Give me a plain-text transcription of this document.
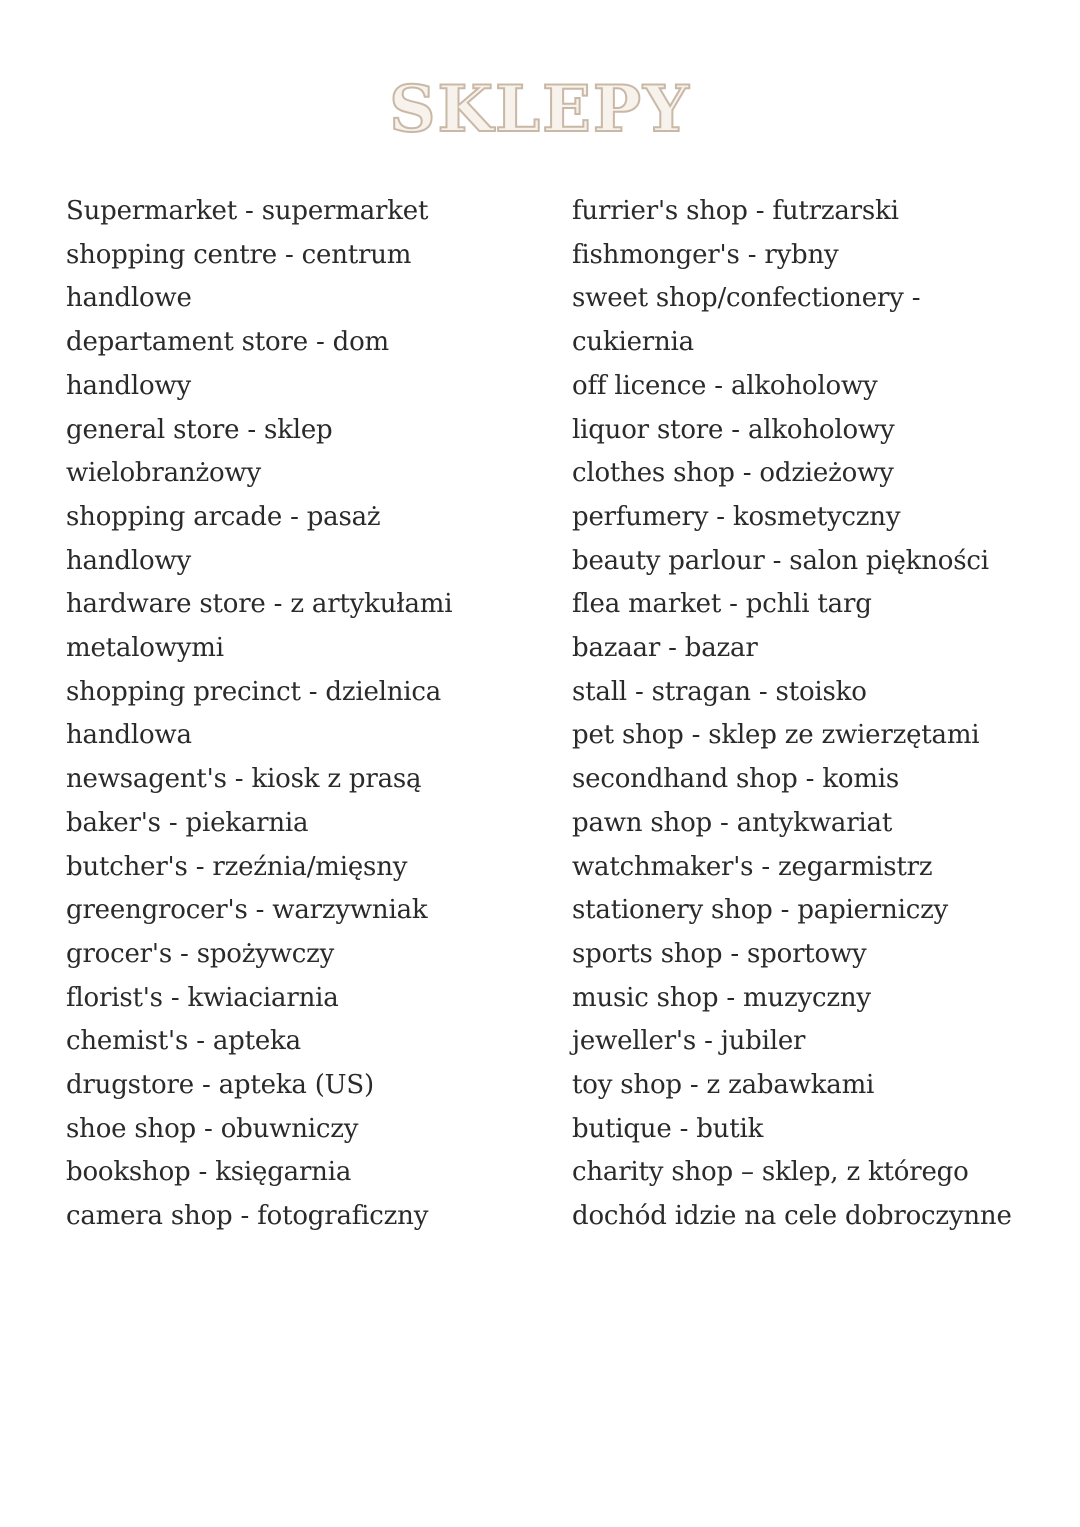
SKLEPY
Supermarket - supermarket
shopping centre - centrum
handlowe
departament store - dom
handlowy
general store - sklep
wielobranżowy
shopping arcade - pasaż
handlowy
hardware store - z artykułami
metalowymi
shopping precinct - dzielnica
handlowa
newsagent's - kiosk z prasą
baker's - piekarnia
butcher's - rzeźnia/mięsny
greengrocer's - warzywniak
grocer's - spożywczy
florist's - kwiaciarnia
chemist's - apteka
drugstore - apteka (US)
shoe shop - obuwniczy
bookshop - księgarnia
camera shop - fotograficzny
furrier's shop - futrzarski
fishmonger's - rybny
sweet shop/confectionery -
cukiernia
off licence - alkoholowy
liquor store - alkoholowy
clothes shop - odzieżowy
perfumery - kosmetyczny
beauty parlour - salon piękności
flea market - pchli targ
bazaar - bazar
stall - stragan - stoisko
pet shop - sklep ze zwierzętami
secondhand shop - komis
pawn shop - antykwariat
watchmaker's - zegarmistrz
stationery shop - papierniczy
sports shop - sportowy
music shop - muzyczny
jeweller's - jubiler
toy shop - z zabawkami
butique - butik
charity shop – sklep, z którego
dochód idzie na cele dobroczynne
